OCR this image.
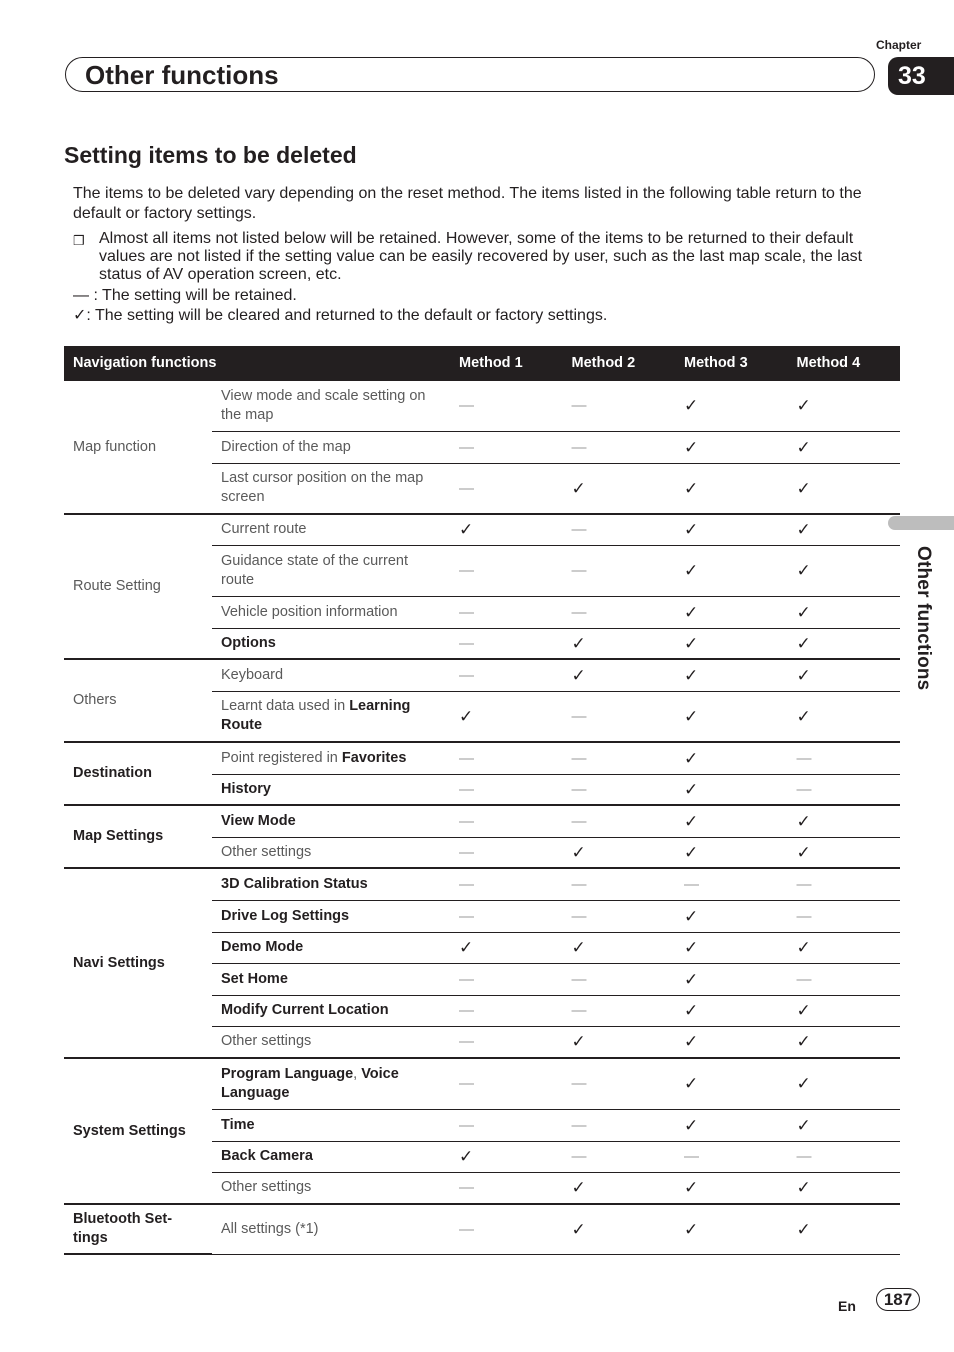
Chapter
33
Other functions
Other functions
Setting items to be deleted

The items to be deleted vary depending on the reset method. The items listed in the following table return to the default or factory settings.

❒ Almost all items not listed below will be retained. However, some of the items to be returned to their default values are not listed if the setting value can be easily recovered by user, such as the last map scale, the last status of AV operation screen, etc.
— : The setting will be retained.
✓: The setting will be cleared and returned to the default or factory settings.
Navigation functions		Method 1	Method 2	Method 3	Method 4
Map function	View mode and scale setting on the map	—	—	✓	✓
	Direction of the map	—	—	✓	✓
	Last cursor position on the map screen	—	✓	✓	✓
Route Setting	Current route	✓	—	✓	✓
	Guidance state of the current route	—	—	✓	✓
	Vehicle position information	—	—	✓	✓
	Options	—	✓	✓	✓
Others	Keyboard	—	✓	✓	✓
	Learnt data used in Learning Route	✓	—	✓	✓
Destination	Point registered in Favorites	—	—	✓	—
	History	—	—	✓	—
Map Settings	View Mode	—	—	✓	✓
	Other settings	—	✓	✓	✓
Navi Settings	3D Calibration Status	—	—	—	—
	Drive Log Settings	—	—	✓	—
	Demo Mode	✓	✓	✓	✓
	Set Home	—	—	✓	—
	Modify Current Location	—	—	✓	✓
	Other settings	—	✓	✓	✓
System Settings	Program Language, Voice Language	—	—	✓	✓
	Time	—	—	✓	✓
	Back Camera	✓	—	—	—
	Other settings	—	✓	✓	✓
Bluetooth Set-tings	All settings (*1)	—	✓	✓	✓
En	187
